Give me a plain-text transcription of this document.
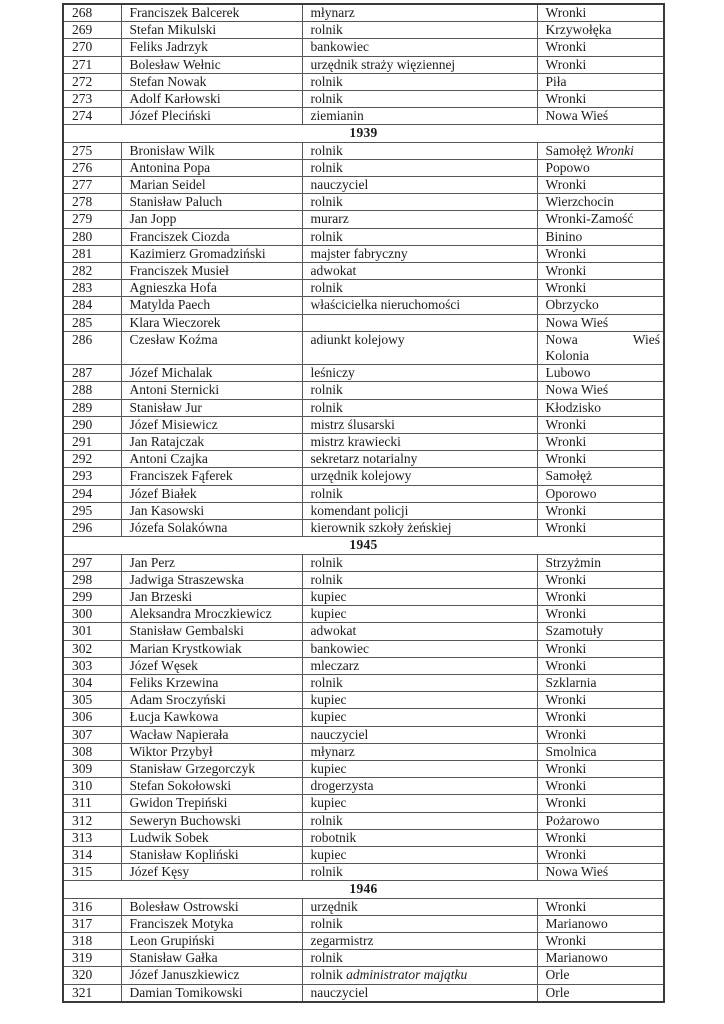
268	Franciszek Balcerek	młynarz	Wronki
269	Stefan Mikulski	rolnik	Krzywołęka
270	Feliks Jadrzyk	bankowiec	Wronki
271	Bolesław Wełnic	urzędnik straży więziennej	Wronki
272	Stefan Nowak	rolnik	Piła
273	Adolf Karłowski	rolnik	Wronki
274	Józef Pleciński	ziemianin	Nowa Wieś
1939			
275	Bronisław Wilk	rolnik	Samołęż Wronki
276	Antonina Popa	rolnik	Popowo
277	Marian Seidel	nauczyciel	Wronki
278	Stanisław Paluch	rolnik	Wierzchocin
279	Jan Jopp	murarz	Wronki-Zamość
280	Franciszek Ciozda	rolnik	Binino
281	Kazimierz Gromadziński	majster fabryczny	Wronki
282	Franciszek Musieł	adwokat	Wronki
283	Agnieszka Hofa	rolnik	Wronki
284	Matylda Paech	właścicielka nieruchomości	Obrzycko
285	Klara Wieczorek		Nowa Wieś
286	Czesław Koźma	adiunkt kolejowy	Nowa Wieś
Kolonia

287	Józef Michalak	leśniczy	Lubowo
288	Antoni Sternicki	rolnik	Nowa Wieś
289	Stanisław Jur	rolnik	Kłodzisko
290	Józef Misiewicz	mistrz ślusarski	Wronki
291	Jan Ratajczak	mistrz krawiecki	Wronki
292	Antoni Czajka	sekretarz notarialny	Wronki
293	Franciszek Fąferek	urzędnik kolejowy	Samołęż
294	Józef Białek	rolnik	Oporowo
295	Jan Kasowski	komendant policji	Wronki
296	Józefa Solakówna	kierownik szkoły żeńskiej	Wronki
1945			
297	Jan Perz	rolnik	Strzyżmin
298	Jadwiga Straszewska	rolnik	Wronki
299	Jan Brzeski	kupiec	Wronki
300	Aleksandra Mroczkiewicz	kupiec	Wronki
301	Stanisław Gembalski	adwokat	Szamotuły
302	Marian Krystkowiak	bankowiec	Wronki
303	Józef Węsek	mleczarz	Wronki
304	Feliks Krzewina	rolnik	Szklarnia
305	Adam Sroczyński	kupiec	Wronki
306	Łucja Kawkowa	kupiec	Wronki
307	Wacław Napierała	nauczyciel	Wronki
308	Wiktor Przybył	młynarz	Smolnica
309	Stanisław Grzegorczyk	kupiec	Wronki
310	Stefan Sokołowski	drogerzysta	Wronki
311	Gwidon Trepiński	kupiec	Wronki
312	Seweryn Buchowski	rolnik	Pożarowo
313	Ludwik Sobek	robotnik	Wronki
314	Stanisław Kopliński	kupiec	Wronki
315	Józef Kęsy	rolnik	Nowa Wieś
1946			
316	Bolesław Ostrowski	urzędnik	Wronki
317	Franciszek Motyka	rolnik	Marianowo
318	Leon Grupiński	zegarmistrz	Wronki
319	Stanisław Gałka	rolnik	Marianowo
320	Józef Januszkiewicz	rolnik administrator majątku	Orle
321	Damian Tomikowski	nauczyciel	Orle
